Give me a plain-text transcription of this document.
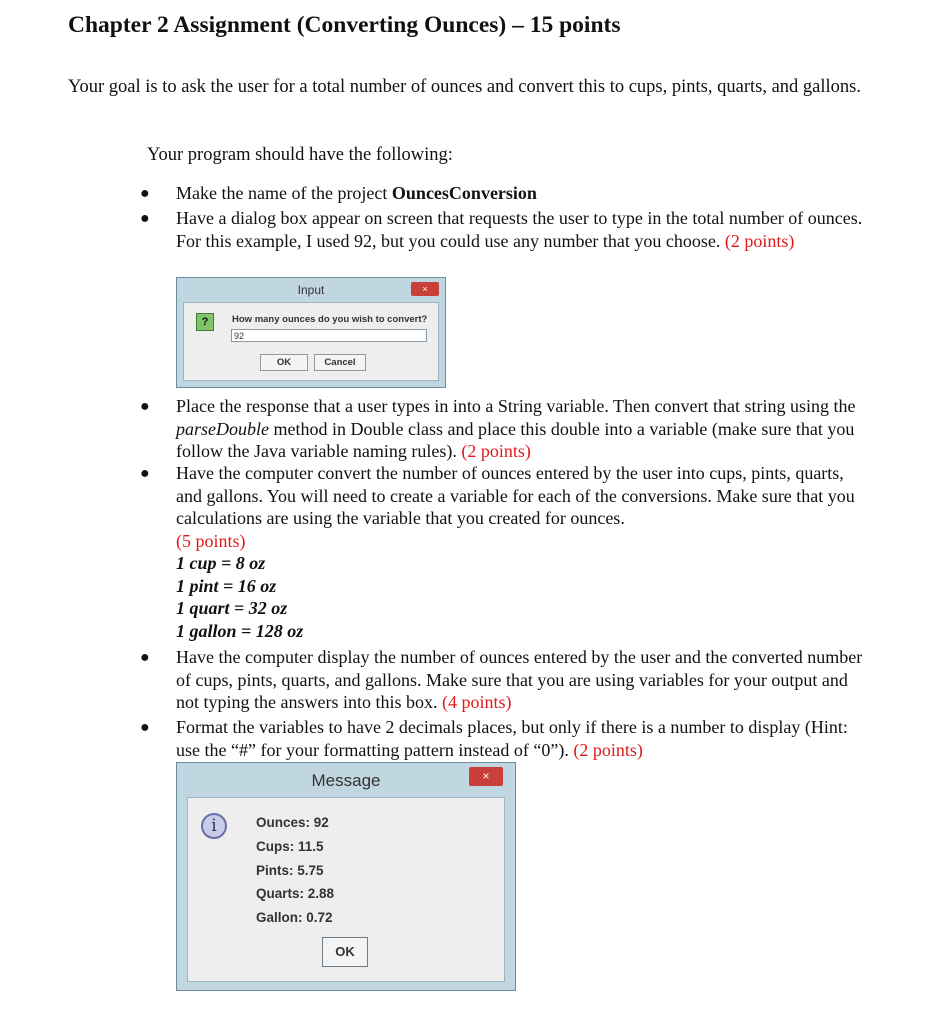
Chapter 2 Assignment (Converting Ounces) – 15 points
Your goal is to ask the user for a total number of ounces and convert this to cups, pints, quarts, and gallons.
Your program should have the following:
●	Make the name of the project OuncesConversion
●	Have a dialog box appear on screen that requests the user to type in the total number of ounces. For this example, I used 92, but you could use any number that you choose. (2 points)
Input	×
?	How many ounces do you wish to convert?
92
OK	Cancel
●	Place the response that a user types in into a String variable. Then convert that string using the parseDouble method in Double class and place this double into a variable (make sure that you follow the Java variable naming rules). (2 points)
●	Have the computer convert the number of ounces entered by the user into cups, pints, quarts, and gallons. You will need to create a variable for each of the conversions. Make sure that you calculations are using the variable that you created for ounces.
(5 points)
1 cup = 8 oz
1 pint = 16 oz
1 quart = 32 oz
1 gallon = 128 oz
●	Have the computer display the number of ounces entered by the user and the converted number of cups, pints, quarts, and gallons. Make sure that you are using variables for your output and not typing the answers into this box. (4 points)
●	Format the variables to have 2 decimals places, but only if there is a number to display (Hint: use the “#” for your formatting pattern instead of “0”). (2 points)
Message	×
i	Ounces: 92
Cups: 11.5
Pints: 5.75
Quarts: 2.88
Gallon: 0.72
OK
